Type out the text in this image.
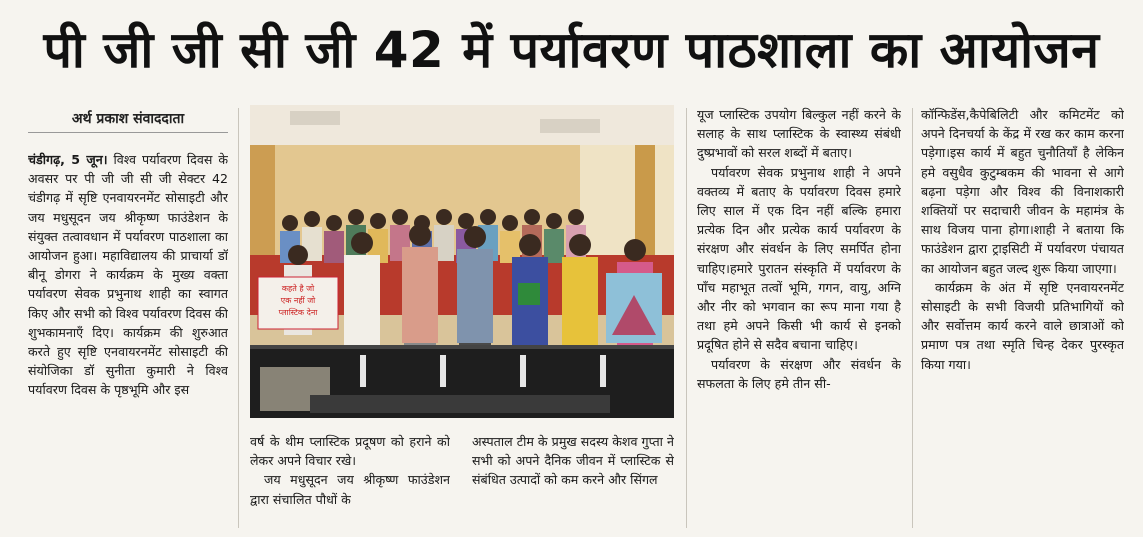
पी जी जी सी जी 42 में पर्यावरण पाठशाला का आयोजन
अर्थ प्रकाश संवाददाता

चंडीगढ़, 5 जून। विश्व पर्यावरण दिवस के अवसर पर पी जी जी सी जी सेक्टर 42 चंडीगढ़ में सृष्टि एनवायरनमेंट सोसाइटी और जय मधुसूदन जय श्रीकृष्ण फाउंडेशन के संयुक्त तत्वावधान में पर्यावरण पाठशाला का आयोजन हुआ। महाविद्यालय की प्राचार्या डॉ बीनू डोगरा ने कार्यक्रम के मुख्य वक्ता पर्यावरण सेवक प्रभुनाथ शाही का स्वागत किए और सभी को विश्व पर्यावरण दिवस की शुभकामनाएँ दिए। कार्यक्रम की शुरुआत करते हुए सृष्टि एनवायरनमेंट सोसाइटी की संयोजिका डॉ सुनीता कुमारी ने विश्व पर्यावरण दिवस के पृष्ठभूमि और इस

कहते है जो
एक नहीं जो
प्लास्टिक देना

वर्ष के थीम प्लास्टिक प्रदूषण को हराने को लेकर अपने विचार रखे।

जय मधुसूदन जय श्रीकृष्ण फाउंडेशन द्वारा संचालित पौधों के

अस्पताल टीम के प्रमुख सदस्य केशव गुप्ता ने सभी को अपने दैनिक जीवन में प्लास्टिक से संबंधित उत्पादों को कम करने और सिंगल

यूज प्लास्टिक उपयोग बिल्कुल नहीं करने के सलाह के साथ प्लास्टिक के स्वास्थ्य संबंधी दुष्प्रभावों को सरल शब्दों में बताए।

पर्यावरण सेवक प्रभुनाथ शाही ने अपने वक्तव्य में बताए के पर्यावरण दिवस हमारे लिए साल में एक दिन नहीं बल्कि हमारा प्रत्येक दिन और प्रत्येक कार्य पर्यावरण के संरक्षण और संवर्धन के लिए समर्पित होना चाहिए।हमारे पुरातन संस्कृति में पर्यावरण के पाँच महाभूत तत्वों भूमि, गगन, वायु, अग्नि और नीर को भगवान का रूप माना गया है तथा हमे अपने किसी भी कार्य से इनको प्रदूषित होने से सदैव बचाना चाहिए।

पर्यावरण के संरक्षण और संवर्धन के सफलता के लिए हमे तीन सी-

कॉन्फिडेंस,कैपेबिलिटी और कमिटमेंट को अपने दिनचर्या के केंद्र में रख कर काम करना पड़ेगा।इस कार्य में बहुत चुनौतियाँ है लेकिन हमे वसुधैव कुटुम्बकम की भावना से आगे बढ़ना पड़ेगा और विश्व की विनाशकारी शक्तियों पर सदाचारी जीवन के महामंत्र के साथ विजय पाना होगा।शाही ने बताया कि फाउंडेशन द्वारा ट्राइसिटी में पर्यावरण पंचायत का आयोजन बहुत जल्द शुरू किया जाएगा।

कार्यक्रम के अंत में सृष्टि एनवायरनमेंट सोसाइटी के सभी विजयी प्रतिभागियों को और सर्वोत्तम कार्य करने वाले छात्राओं को प्रमाण पत्र तथा स्मृति चिन्ह देकर पुरस्कृत किया गया।
